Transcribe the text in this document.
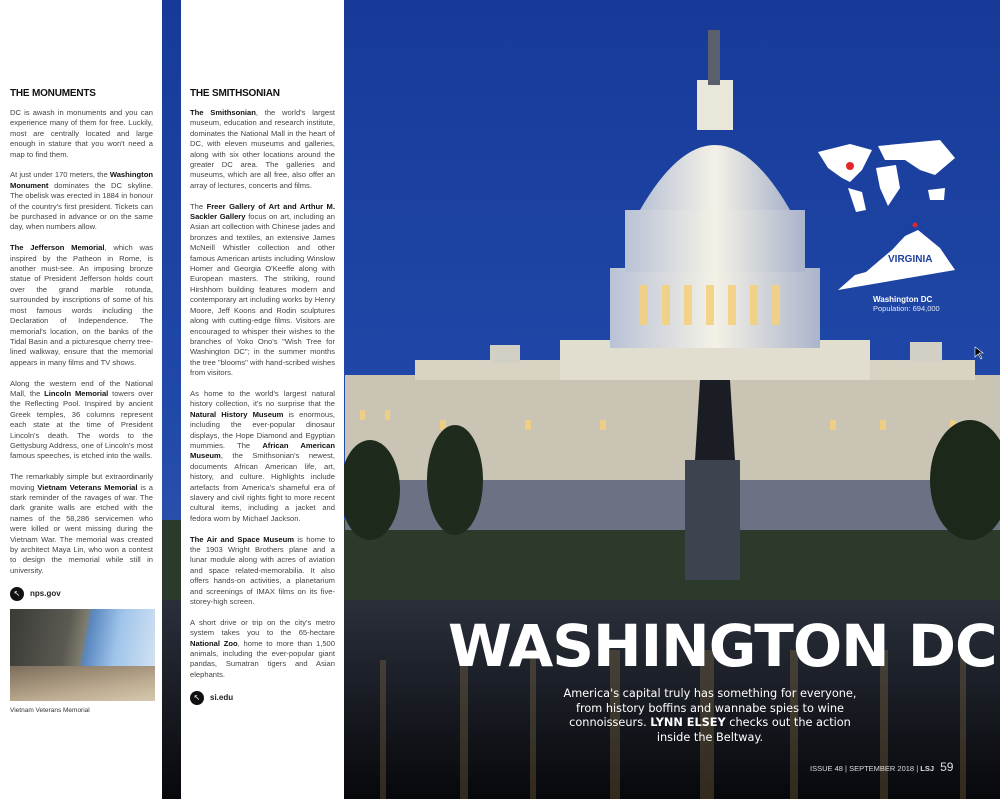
WASH, DC
VIRGINIA
Washington DC
Population: 694,000
THE MONUMENTS

DC is awash in monuments and you can experience many of them for free. Luckily, most are centrally located and large enough in stature that you won't need a map to find them.

At just under 170 meters, the Washington Monument dominates the DC skyline. The obelisk was erected in 1884 in honour of the country's first president. Tickets can be purchased in advance or on the same day, when numbers allow.

The Jefferson Memorial, which was inspired by the Patheon in Rome, is another must-see. An imposing bronze statue of President Jefferson holds court over the grand marble rotunda, surrounded by inscriptions of some of his most famous words including the Declaration of Independence. The memorial's location, on the banks of the Tidal Basin and a picturesque cherry tree-lined walkway, ensure that the memorial appears in many films and TV shows.

Along the western end of the National Mall, the Lincoln Memorial towers over the Reflecting Pool. Inspired by ancient Greek temples, 36 columns represent each state at the time of President Lincoln's death. The words to the Gettysburg Address, one of Lincoln's most famous speeches, is etched into the walls.

The remarkably simple but extraordinarily moving Vietnam Veterans Memorial is a stark reminder of the ravages of war. The dark granite walls are etched with the names of the 58,286 servicemen who were killed or went missing during the Vietnam War. The memorial was created by architect Maya Lin, who won a contest to design the memorial while still in university.

↖	nps.gov
Vietnam Veterans Memorial
THE SMITHSONIAN

The Smithsonian, the world's largest museum, education and research institute, dominates the National Mall in the heart of DC, with eleven museums and galleries, along with six other locations around the greater DC area. The galleries and museums, which are all free, also offer an array of lectures, concerts and films.

The Freer Gallery of Art and Arthur M. Sackler Gallery focus on art, including an Asian art collection with Chinese jades and bronzes and textiles, an extensive James McNeill Whistler collection and other famous American artists including Winslow Homer and Georgia O'Keeffe along with European masters. The striking, round Hirshhorn building features modern and contemporary art including works by Henry Moore, Jeff Koons and Rodin sculptures along with cutting-edge films. Visitors are encouraged to whisper their wishes to the branches of Yoko Ono's "Wish Tree for Washington DC"; in the summer months the tree "blooms" with hand-scribed wishes from visitors.

As home to the world's largest natural history collection, it's no surprise that the Natural History Museum is enormous, including the ever-popular dinosaur displays, the Hope Diamond and Egyptian mummies. The African American Museum, the Smithsonian's newest, documents African American life, art, history, and culture. Highlights include artefacts from America's shameful era of slavery and civil rights fight to more recent cultural items, including a jacket and fedora worn by Michael Jackson.

The Air and Space Museum is home to the 1903 Wright Brothers plane and a lunar module along with acres of aviation and space related-memorabilia. It also offers hands-on activities, a planetarium and screenings of IMAX films on its five-storey-high screen.

A short drive or trip on the city's metro system takes you to the 65-hectare National Zoo, home to more than 1,500 animals, including the ever-popular giant pandas, Sumatran tigers and Asian elephants.

↖	si.edu
WASHINGTON DC
America's capital truly has something for everyone, from history boffins and wannabe spies to wine connoisseurs. LYNN ELSEY checks out the action inside the Beltway.
ISSUE 48 | SEPTEMBER 2018 | LSJ 59
